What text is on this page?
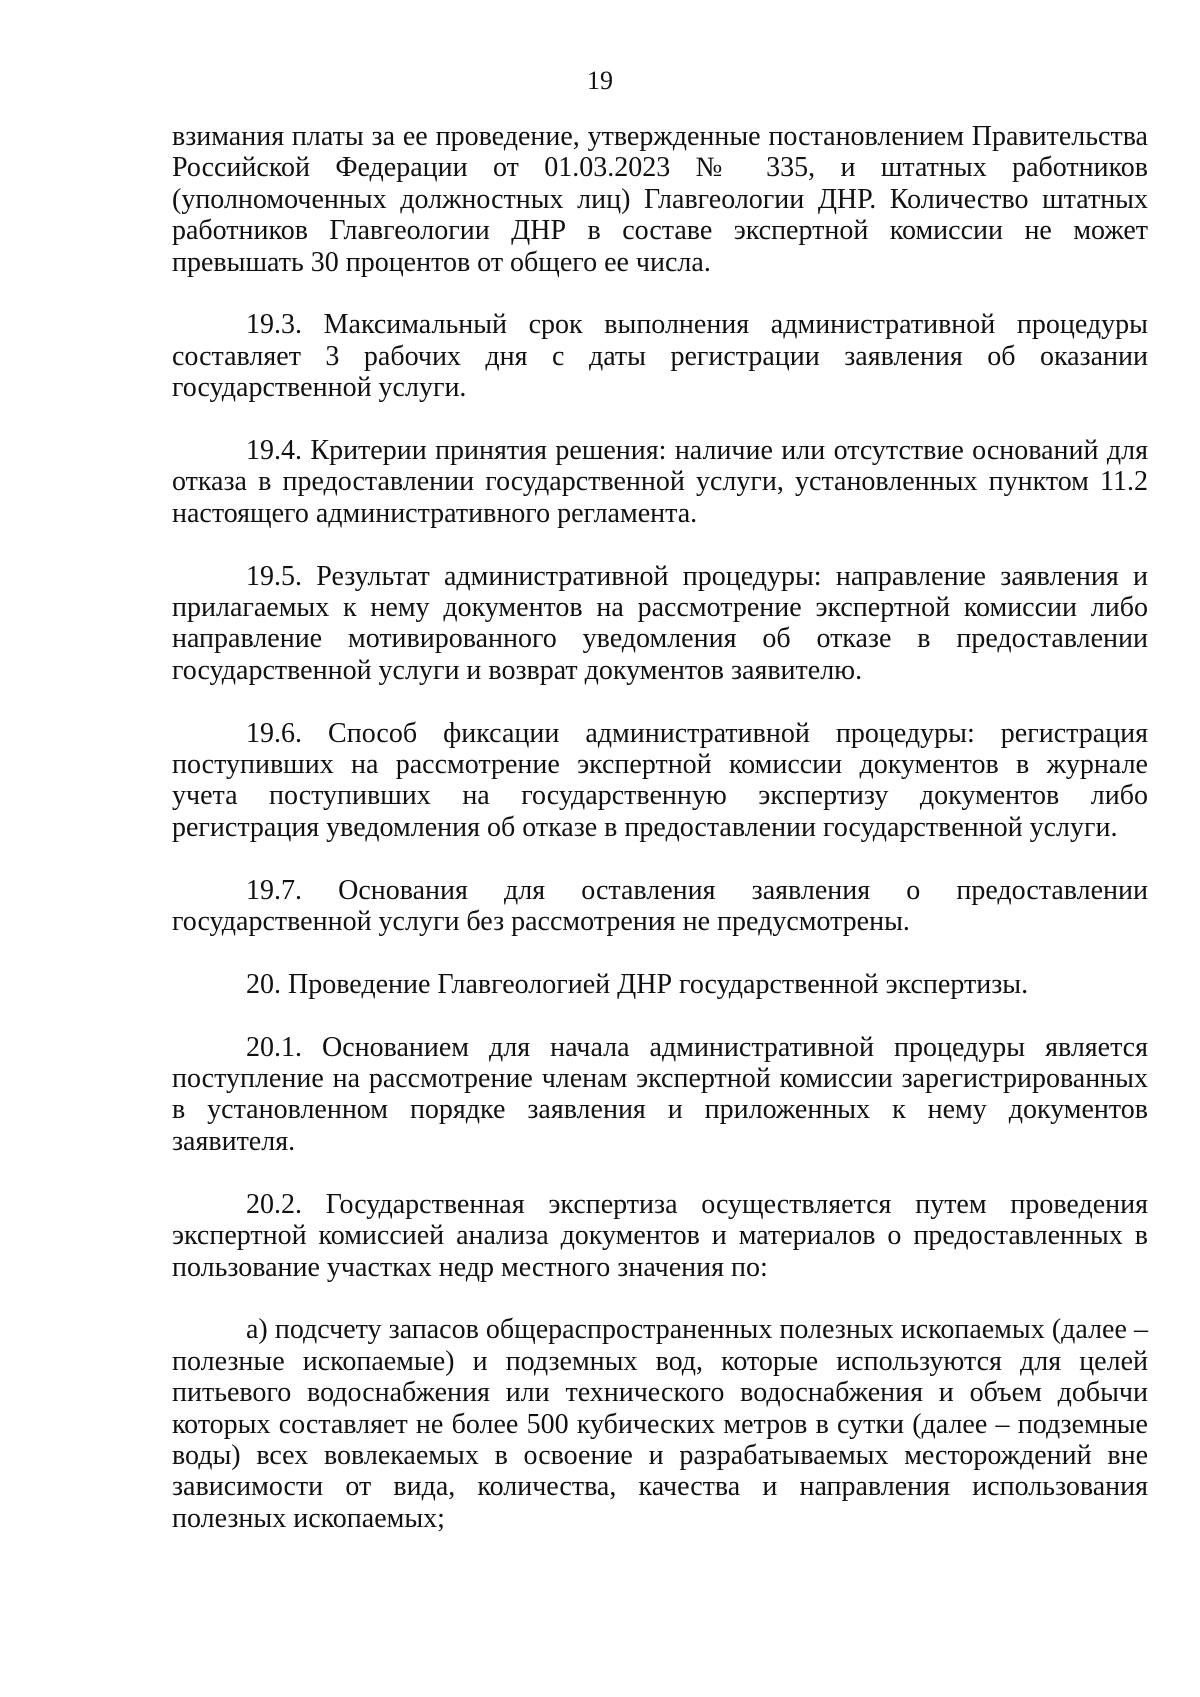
19

взимания платы за ее проведение, утвержденные постановлением Правительства Российской Федерации от 01.03.2023 № 335, и штатных работников (уполномоченных должностных лиц) Главгеологии ДНР. Количество штатных работников Главгеологии ДНР в составе экспертной комиссии не может превышать 30 процентов от общего ее числа.

19.3. Максимальный срок выполнения административной процедуры составляет 3 рабочих дня с даты регистрации заявления об оказании государственной услуги.

19.4. Критерии принятия решения: наличие или отсутствие оснований для отказа в предоставлении государственной услуги, установленных пунктом 11.2 настоящего административного регламента.

19.5. Результат административной процедуры: направление заявления и прилагаемых к нему документов на рассмотрение экспертной комиссии либо направление мотивированного уведомления об отказе в предоставлении государственной услуги и возврат документов заявителю.

19.6. Способ фиксации административной процедуры: регистрация поступивших на рассмотрение экспертной комиссии документов в журнале учета поступивших на государственную экспертизу документов либо регистрация уведомления об отказе в предоставлении государственной услуги.

19.7. Основания для оставления заявления о предоставлении государственной услуги без рассмотрения не предусмотрены.

20. Проведение Главгеологией ДНР государственной экспертизы.

20.1. Основанием для начала административной процедуры является поступление на рассмотрение членам экспертной комиссии зарегистрированных в установленном порядке заявления и приложенных к нему документов заявителя.

20.2. Государственная экспертиза осуществляется путем проведения экспертной комиссией анализа документов и материалов о предоставленных в пользование участках недр местного значения по:

а) подсчету запасов общераспространенных полезных ископаемых (далее – полезные ископаемые) и подземных вод, которые используются для целей питьевого водоснабжения или технического водоснабжения и объем добычи которых составляет не более 500 кубических метров в сутки (далее – подземные воды) всех вовлекаемых в освоение и разрабатываемых месторождений вне зависимости от вида, количества, качества и направления использования полезных ископаемых;
